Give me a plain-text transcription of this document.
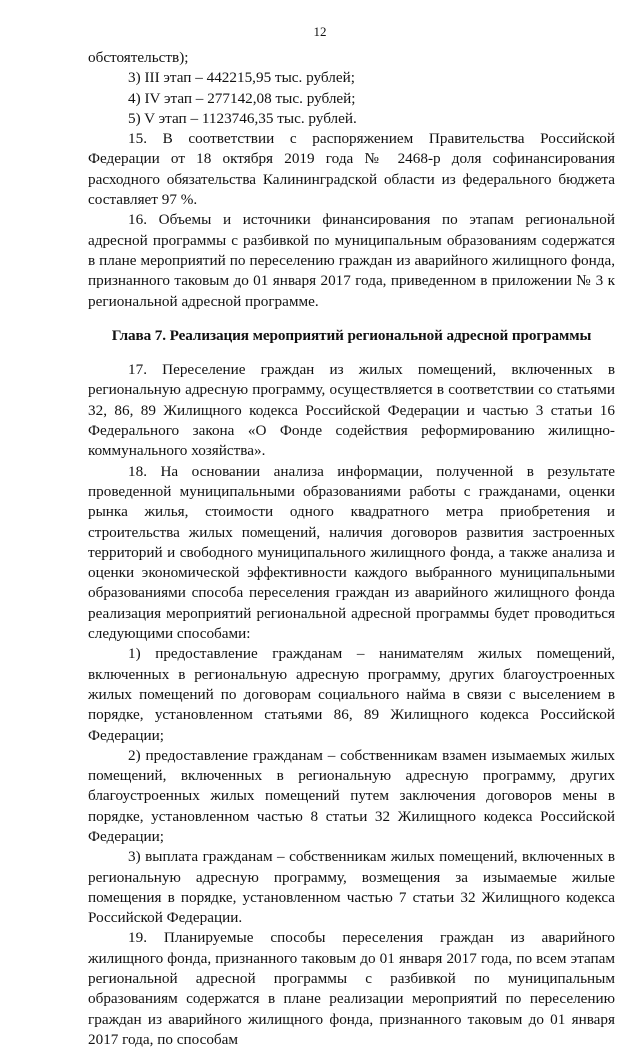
12

обстоятельств);

3) III этап – 442215,95 тыс. рублей;

4) IV этап – 277142,08 тыс. рублей;

5) V этап – 1123746,35 тыс. рублей.

15. В соответствии с распоряжением Правительства Российской Федерации от 18 октября 2019 года № 2468-р доля софинансирования расходного обязательства Калининградской области из федерального бюджета составляет 97 %.

16. Объемы и источники финансирования по этапам региональной адресной программы с разбивкой по муниципальным образованиям содержатся в плане мероприятий по переселению граждан из аварийного жилищного фонда, признанного таковым до 01 января 2017 года, приведенном в приложении № 3 к региональной адресной программе.

Глава 7. Реализация мероприятий региональной адресной программы

17. Переселение граждан из жилых помещений, включенных в региональную адресную программу, осуществляется в соответствии со статьями 32, 86, 89 Жилищного кодекса Российской Федерации и частью 3 статьи 16 Федерального закона «О Фонде содействия реформированию жилищно-коммунального хозяйства».

18. На основании анализа информации, полученной в результате проведенной муниципальными образованиями работы с гражданами, оценки рынка жилья, стоимости одного квадратного метра приобретения и строительства жилых помещений, наличия договоров развития застроенных территорий и свободного муниципального жилищного фонда, а также анализа и оценки экономической эффективности каждого выбранного муниципальными образованиями способа переселения граждан из аварийного жилищного фонда реализация мероприятий региональной адресной программы будет проводиться следующими способами:

1) предоставление гражданам – нанимателям жилых помещений, включенных в региональную адресную программу, других благоустроенных жилых помещений по договорам социального найма в связи с выселением в порядке, установленном статьями 86, 89 Жилищного кодекса Российской Федерации;

2) предоставление гражданам – собственникам взамен изымаемых жилых помещений, включенных в региональную адресную программу, других благоустроенных жилых помещений путем заключения договоров мены в порядке, установленном частью 8 статьи 32 Жилищного кодекса Российской Федерации;

3) выплата гражданам – собственникам жилых помещений, включенных в региональную адресную программу, возмещения за изымаемые жилые помещения в порядке, установленном частью 7 статьи 32 Жилищного кодекса Российской Федерации.

19. Планируемые способы переселения граждан из аварийного жилищного фонда, признанного таковым до 01 января 2017 года, по всем этапам региональной адресной программы с разбивкой по муниципальным образованиям содержатся в плане реализации мероприятий по переселению граждан из аварийного жилищного фонда, признанного таковым до 01 января 2017 года, по способам
